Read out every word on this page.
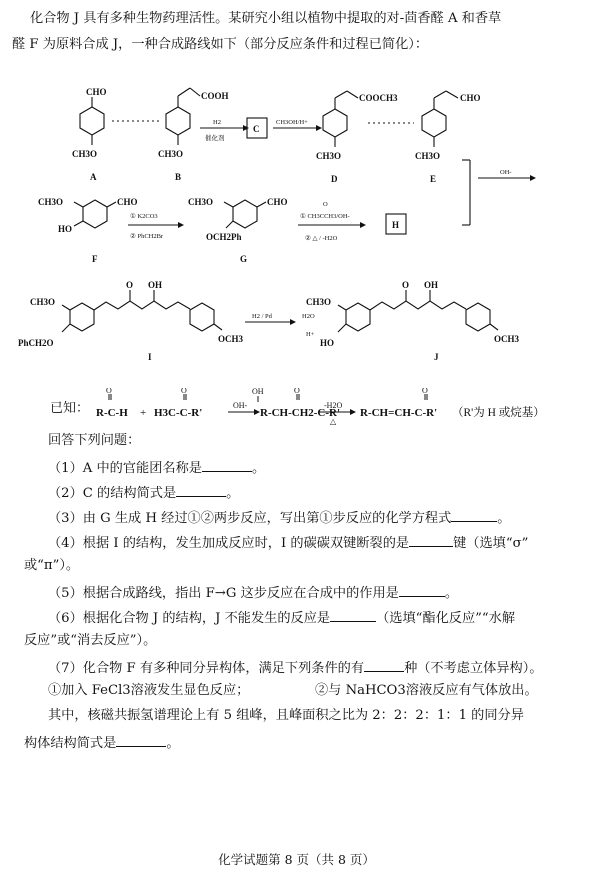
化合物 J 具有多种生物药理活性。某研究小组以植物中提取的对-茴香醛 A 和香草
醛 F 为原料合成 J，一种合成路线如下（部分反应条件和过程已简化）：
CHO
CH3O
A
COOH
CH3O
B
H2
催化剂
C
CH3OH/H+
COOCH3
CH3O
D
CHO
CH3O
E
OH-
CH3O	CHO
HO
F
① K2CO3
② PhCH2Br
CH3O	CHO
OCH2Ph
G
O
① CH3CCH3/OH-
② △ / -H2O
H
CH3O
PhCH2O
O OH
OCH3
I
H2 / Pd	H2O
H+
CH3O
HO
O OH
OCH3
J
已知：
O	O	OH	O	O
R-C-H + H3C-C-R'
OH-
R-CH-CH2-C-R'
-H2O
△
R-CH=CH-C-R' （R'为 H 或烷基）
回答下列问题：
（1）A 中的官能团名称是	。
（2）C 的结构简式是	。
（3）由 G 生成 H 经过①②两步反应，写出第①步反应的化学方程式	。
（4）根据 I 的结构，发生加成反应时，I 的碳碳双键断裂的是	键（选填“σ”
或“π”）。
（5）根据合成路线，指出 F→G 这步反应在合成中的作用是	。
（6）根据化合物 J 的结构，J 不能发生的反应是	（选填“酯化反应”“水解
反应”或“消去反应”）。
（7）化合物 F 有多种同分异构体，满足下列条件的有	种（不考虑立体异构）。
①加入 FeCl3溶液发生显色反应；	②与 NaHCO3溶液反应有气体放出。
其中，核磁共振氢谱理论上有 5 组峰，且峰面积之比为 2：2：2：1：1 的同分异
构体结构简式是	。
化学试题第 8 页（共 8 页）
